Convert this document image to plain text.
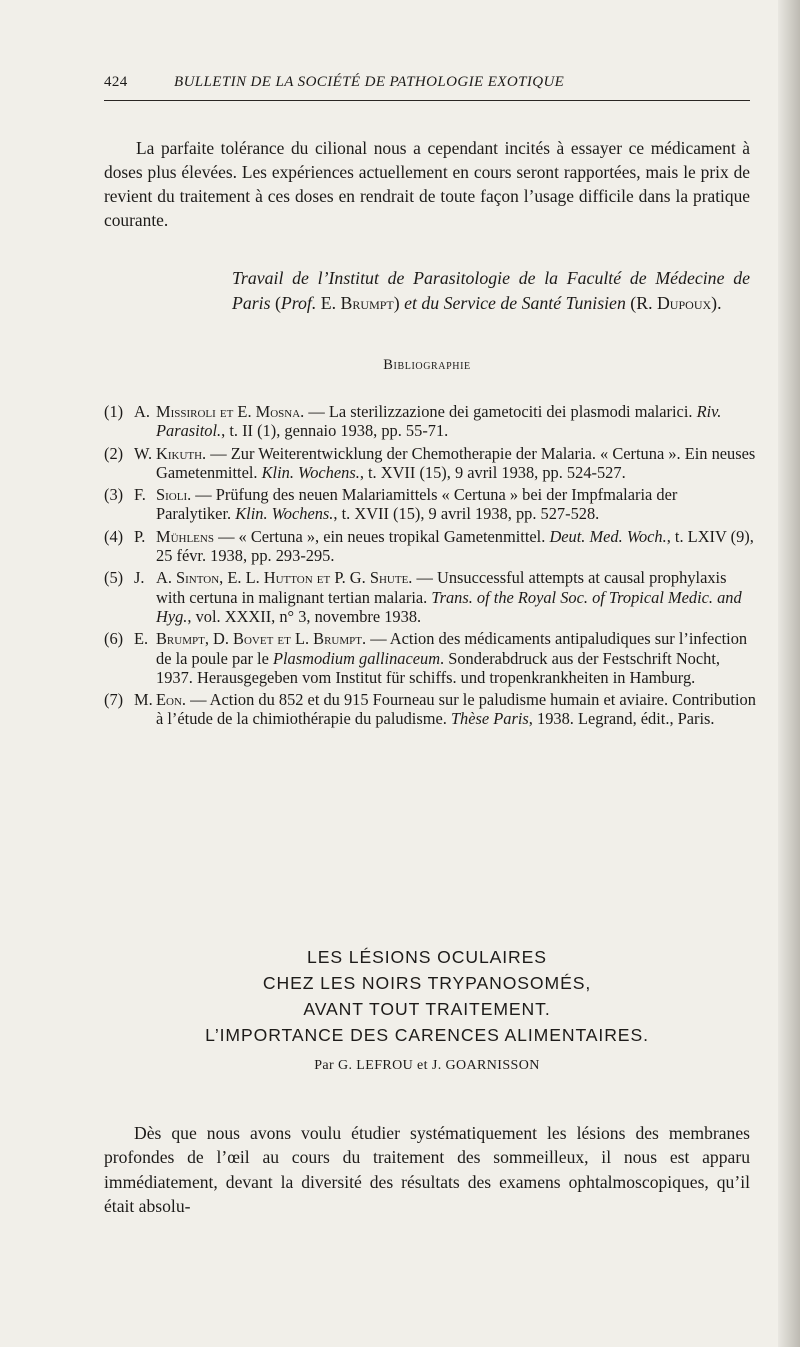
424	BULLETIN DE LA SOCIÉTÉ DE PATHOLOGIE EXOTIQUE

La parfaite tolérance du cilional nous a cependant incités à essayer ce médicament à doses plus élevées. Les expériences actuellement en cours seront rapportées, mais le prix de revient du traitement à ces doses en rendrait de toute façon l’usage difficile dans la pratique courante.

Travail de l’Institut de Parasitologie de la Faculté de Médecine de Paris (Prof. E. Brumpt) et du Service de Santé Tunisien (R. Dupoux).

Bibliographie
(1) A. Missiroli et E. Mosna. — La sterilizzazione dei gametociti dei plasmodi malarici. Riv. Parasitol., t. II (1), gennaio 1938, pp. 55-71.
(2) W. Kikuth. — Zur Weiterentwicklung der Chemotherapie der Malaria. « Certuna ». Ein neuses Gametenmittel. Klin. Wochens., t. XVII (15), 9 avril 1938, pp. 524-527.
(3) F. Sioli. — Prüfung des neuen Malariamittels « Certuna » bei der Impfmalaria der Paralytiker. Klin. Wochens., t. XVII (15), 9 avril 1938, pp. 527-528.
(4) P. Mühlens — « Certuna », ein neues tropikal Gametenmittel. Deut. Med. Woch., t. LXIV (9), 25 févr. 1938, pp. 293-295.
(5) J. A. Sinton, E. L. Hutton et P. G. Shute. — Unsuccessful attempts at causal prophylaxis with certuna in malignant tertian malaria. Trans. of the Royal Soc. of Tropical Medic. and Hyg., vol. XXXII, n° 3, novembre 1938.
(6) E. Brumpt, D. Bovet et L. Brumpt. — Action des médicaments antipaludiques sur l’infection de la poule par le Plasmodium gallinaceum. Sonderabdruck aus der Festschrift Nocht, 1937. Herausgegeben vom Institut für schiffs. und tropenkrankheiten in Hamburg.
(7) M. Eon. — Action du 852 et du 915 Fourneau sur le paludisme humain et aviaire. Contribution à l’étude de la chimiothérapie du paludisme. Thèse Paris, 1938. Legrand, édit., Paris.
LES LÉSIONS OCULAIRES
CHEZ LES NOIRS TRYPANOSOMÉS,
AVANT TOUT TRAITEMENT.
L’IMPORTANCE DES CARENCES ALIMENTAIRES.
Par G. LEFROU et J. GOARNISSON

Dès que nous avons voulu étudier systématiquement les lésions des membranes profondes de l’œil au cours du traitement des sommeilleux, il nous est apparu immédiatement, devant la diversité des résultats des examens ophtalmoscopiques, qu’il était absolu-
